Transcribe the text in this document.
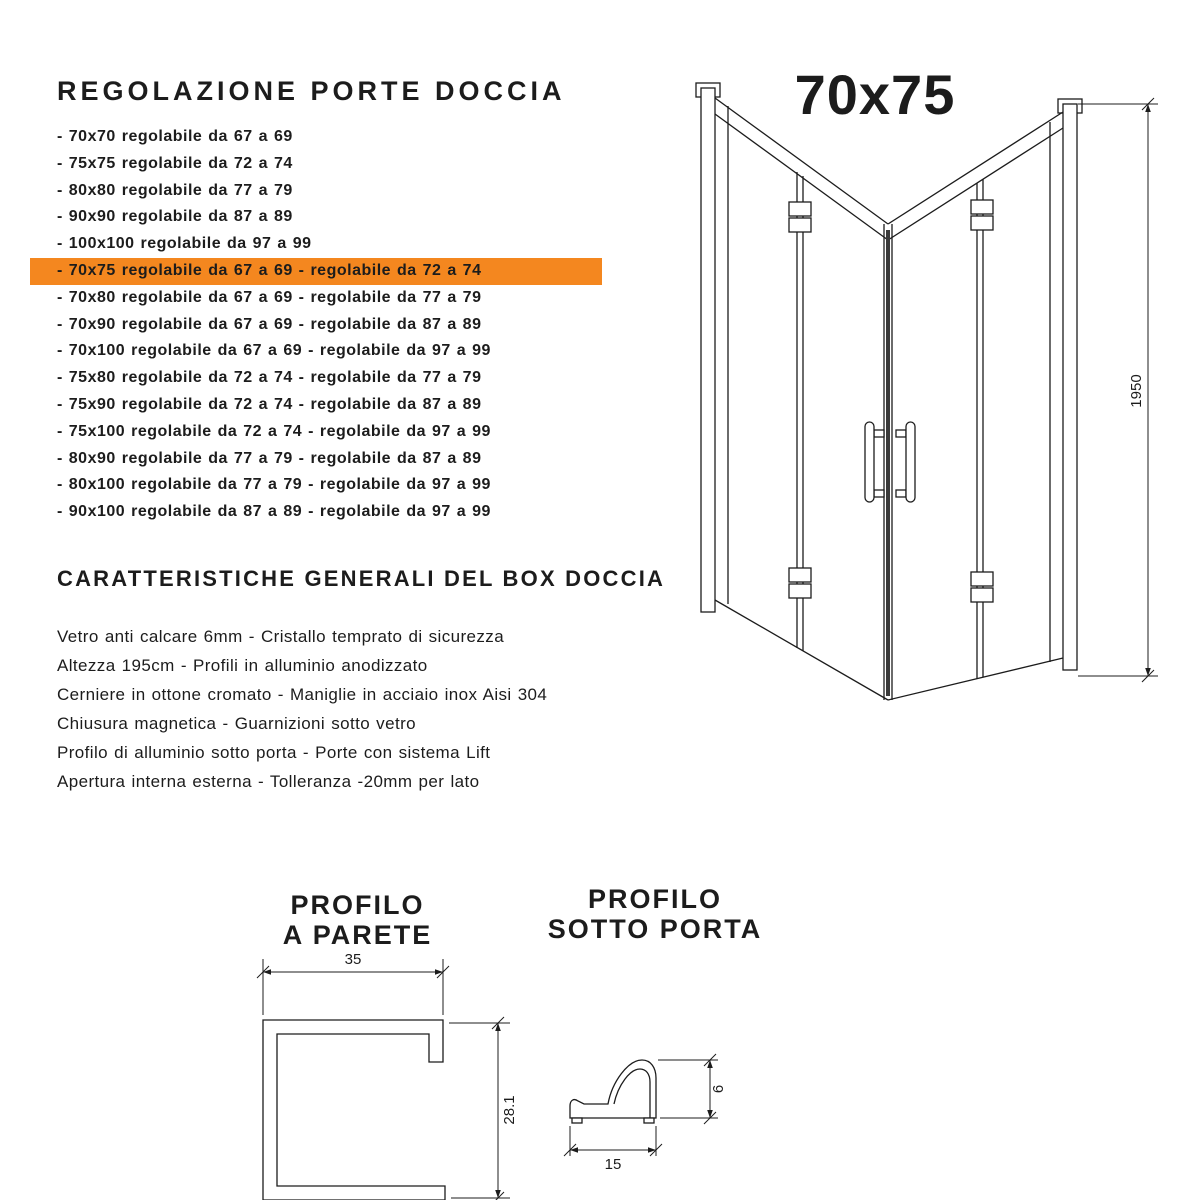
REGOLAZIONE PORTE DOCCIA
- 70x70 regolabile da 67 a 69
- 75x75 regolabile da 72 a 74
- 80x80 regolabile da 77 a 79
- 90x90 regolabile da 87 a 89
- 100x100 regolabile da 97 a 99
- 70x75 regolabile da 67 a 69 - regolabile da 72 a 74
- 70x80 regolabile da 67 a 69 - regolabile da 77 a 79
- 70x90 regolabile da 67 a 69 - regolabile da 87 a 89
- 70x100 regolabile da 67 a 69 - regolabile da 97 a 99
- 75x80 regolabile da 72 a 74 - regolabile da 77 a 79
- 75x90 regolabile da 72 a 74 - regolabile da 87 a 89
- 75x100 regolabile da 72 a 74 - regolabile da 97 a 99
- 80x90 regolabile da 77 a 79 - regolabile da 87 a 89
- 80x100 regolabile da 77 a 79 - regolabile da 97 a 99
- 90x100 regolabile da 87 a 89 - regolabile da 97 a 99
CARATTERISTICHE GENERALI DEL BOX DOCCIA
Vetro anti calcare 6mm - Cristallo temprato di sicurezza
Altezza 195cm - Profili in alluminio anodizzato
Cerniere in ottone cromato - Maniglie in acciaio inox Aisi 304
Chiusura magnetica - Guarnizioni sotto vetro
Profilo di alluminio sotto porta - Porte con sistema Lift
Apertura interna esterna - Tolleranza -20mm per lato
70x75
1950
PROFILO
A PARETE
PROFILO
SOTTO PORTA
35
28.1
15
6
